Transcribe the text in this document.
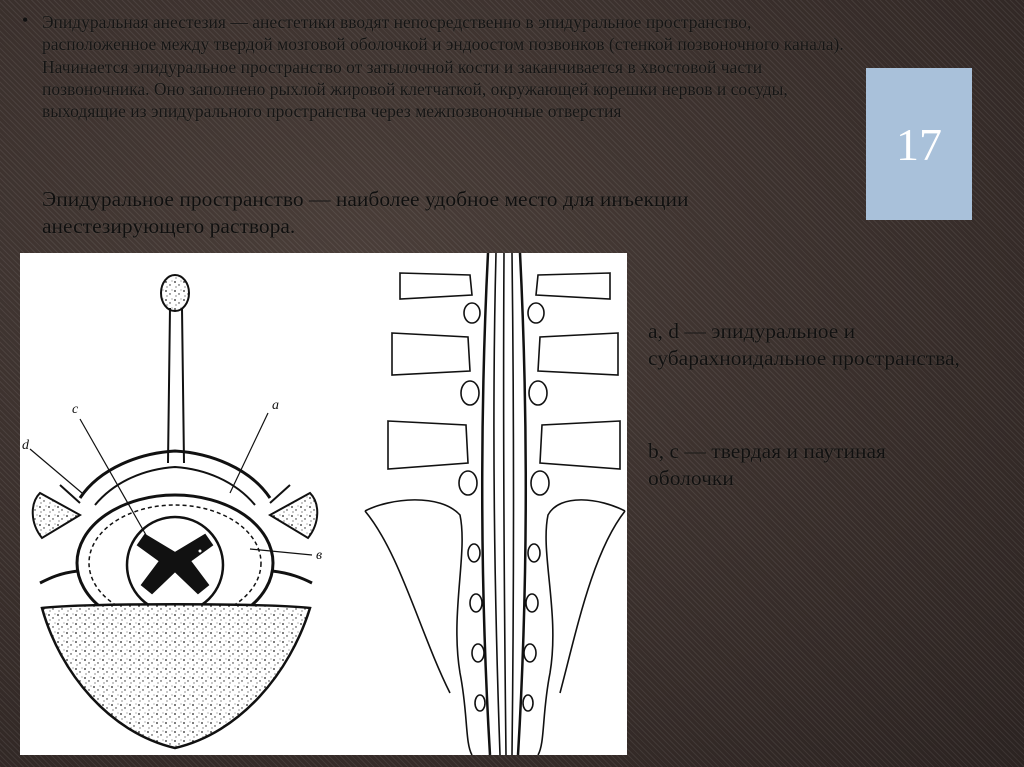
• Эпидуральная анестезия — анестетики вводят непосредственно в эпидуральное пространство, расположенное между твердой мозговой оболочкой и эндоостом позвонков (стенкой позвоночного канала). Начинается эпидуральное пространство от затылочной кости и заканчивается в хвостовой части позвоночника. Оно заполнено рыхлой жировой клетчаткой, окружающей корешки нервов и сосуды, выходящие из эпидурального пространства через межпозвоночные отверстия
Эпидуральное пространство — наиболее удобное место для инъекции анестезирующего раствора.
17
c	a
d
в
a, d — эпидуральное и субарахноидальное пространства,
b, c — твердая и паутиная оболочки
